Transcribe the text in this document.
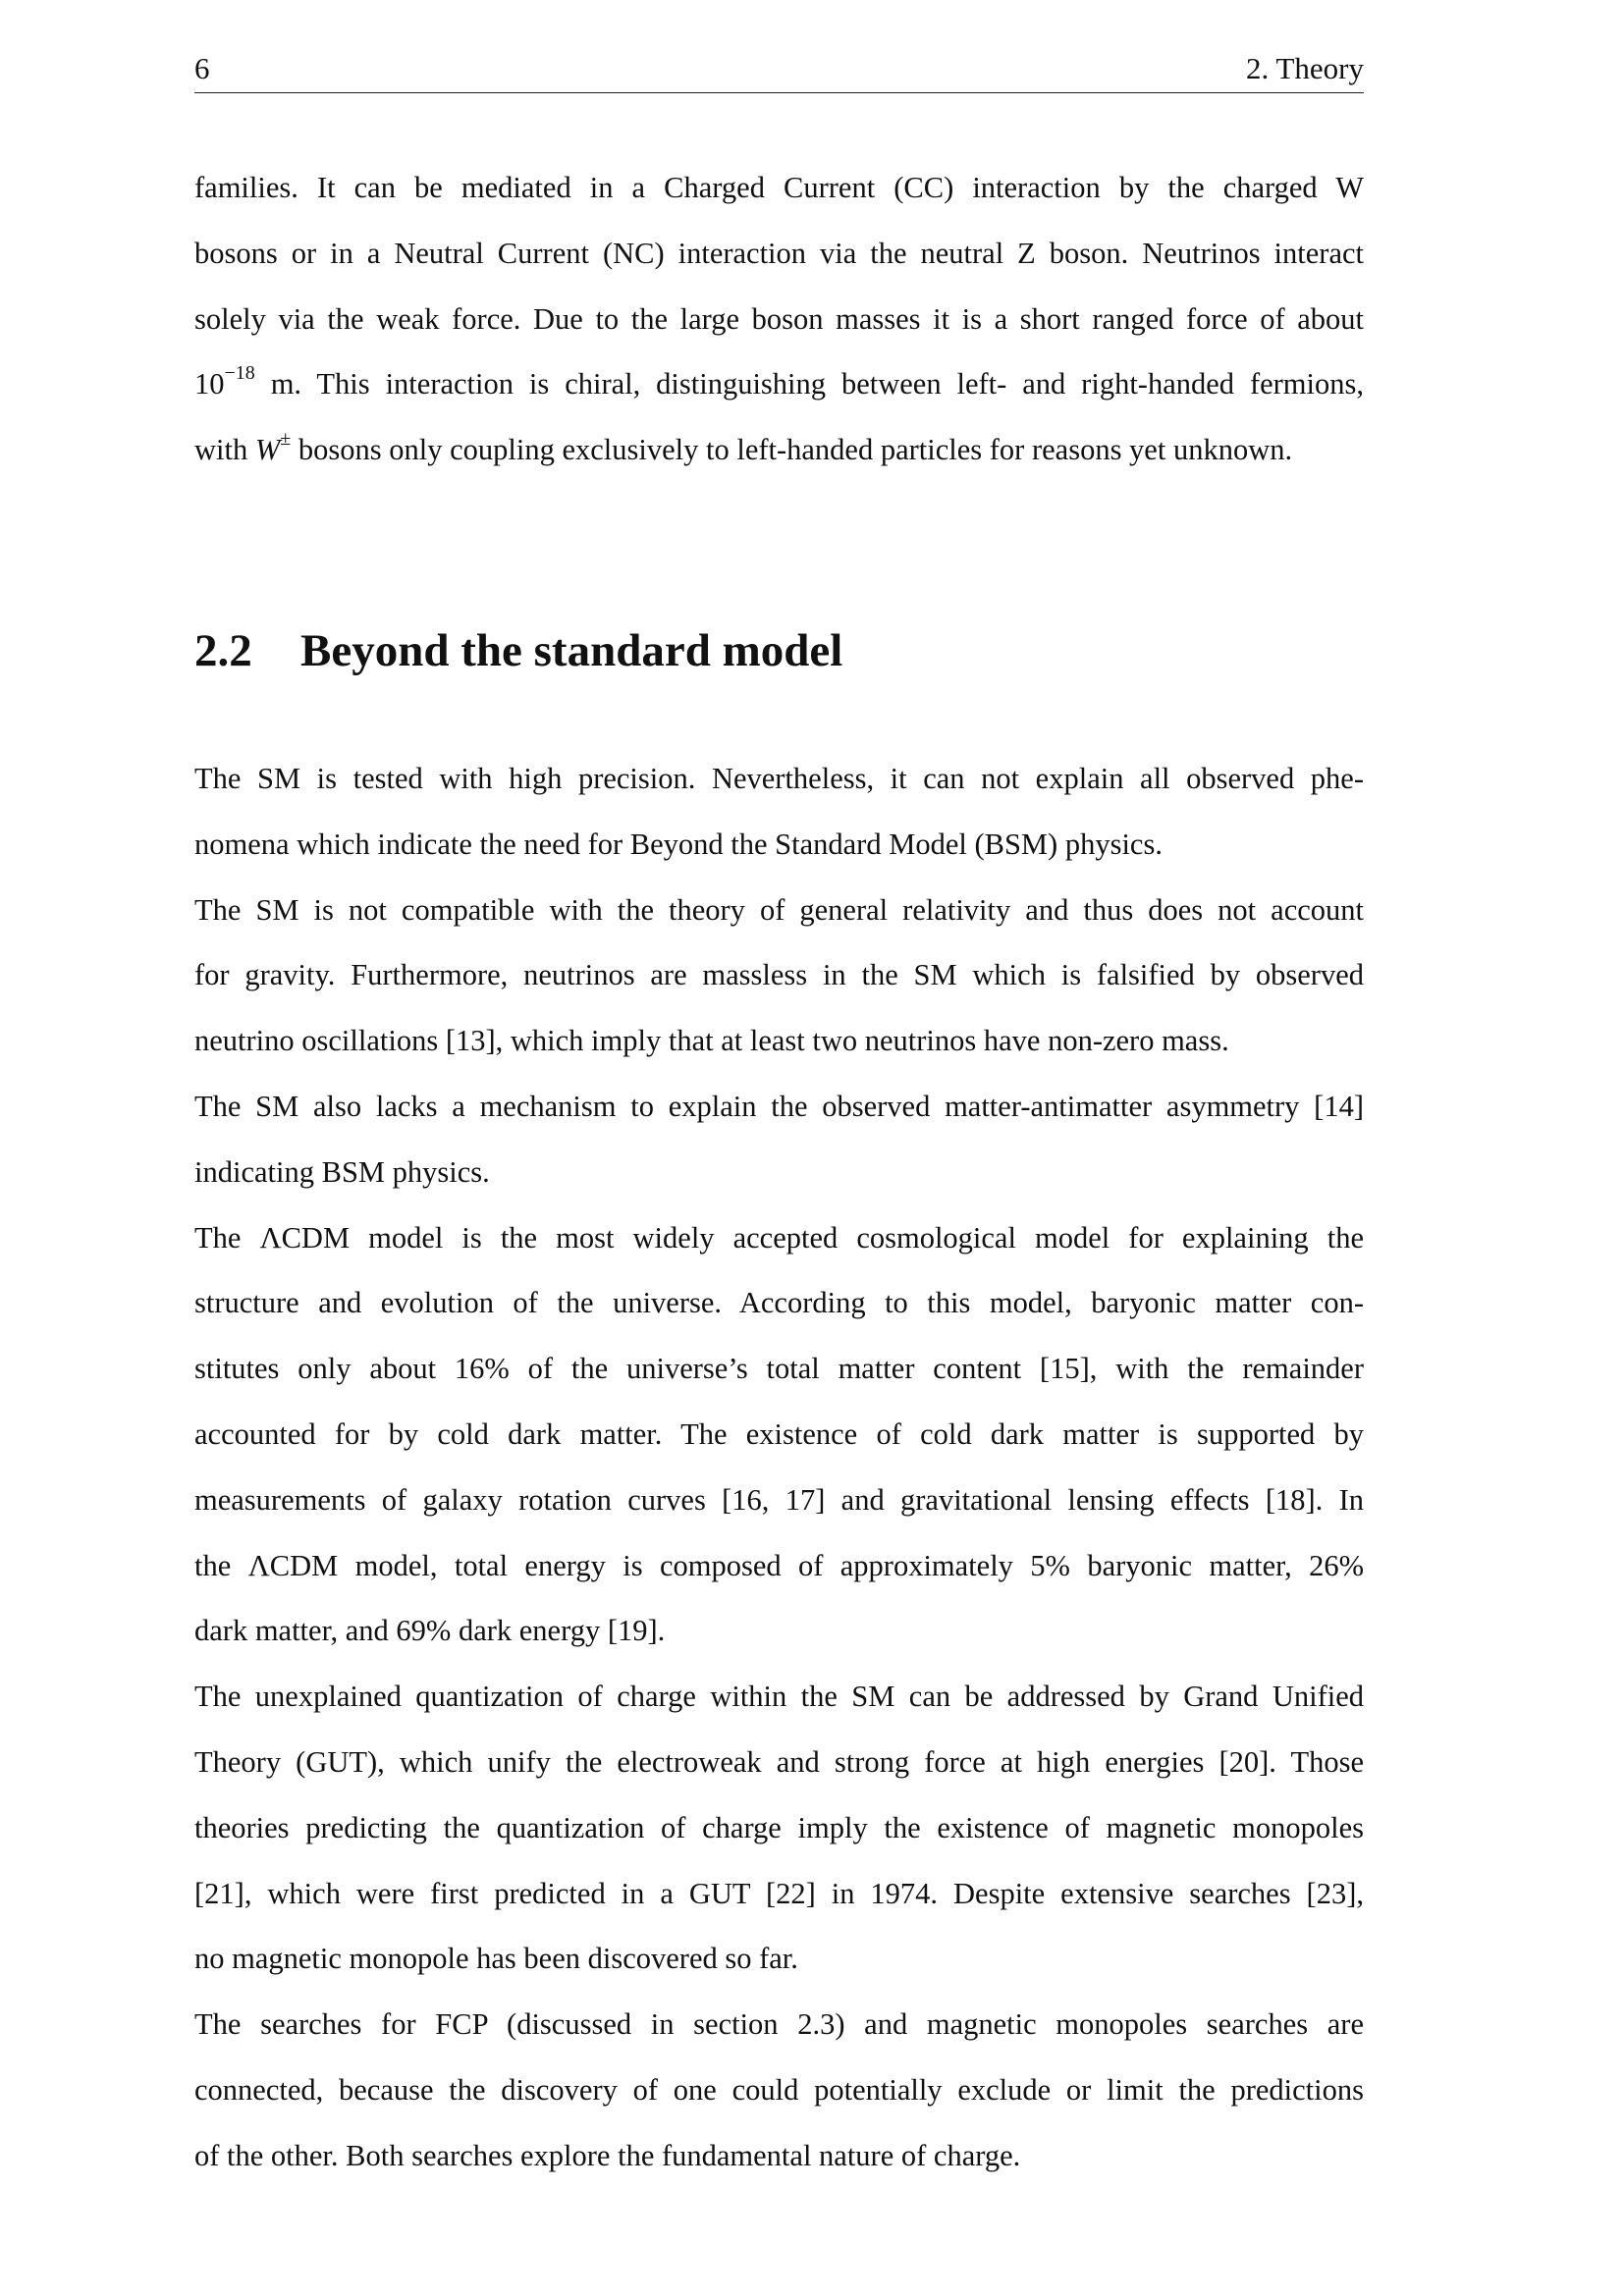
6	2. Theory
families. It can be mediated in a Charged Current (CC) interaction by the charged W
bosons or in a Neutral Current (NC) interaction via the neutral Z boson. Neutrinos interact
solely via the weak force. Due to the large boson masses it is a short ranged force of about
$10^{-18}$ m. This interaction is chiral, distinguishing between left- and right-handed fermions,
with W± bosons only coupling exclusively to left-handed particles for reasons yet unknown.
2.2 Beyond the standard model
The SM is tested with high precision. Nevertheless, it can not explain all observed phe-
nomena which indicate the need for Beyond the Standard Model (BSM) physics.
The SM is not compatible with the theory of general relativity and thus does not account
for gravity. Furthermore, neutrinos are massless in the SM which is falsified by observed
neutrino oscillations [13], which imply that at least two neutrinos have non-zero mass.
The SM also lacks a mechanism to explain the observed matter-antimatter asymmetry [14]
indicating BSM physics.
The ΛCDM model is the most widely accepted cosmological model for explaining the
structure and evolution of the universe. According to this model, baryonic matter con-
stitutes only about 16% of the universe’s total matter content [15], with the remainder
accounted for by cold dark matter. The existence of cold dark matter is supported by
measurements of galaxy rotation curves [16, 17] and gravitational lensing effects [18]. In
the ΛCDM model, total energy is composed of approximately 5% baryonic matter, 26%
dark matter, and 69% dark energy [19].
The unexplained quantization of charge within the SM can be addressed by Grand Unified
Theory (GUT), which unify the electroweak and strong force at high energies [20]. Those
theories predicting the quantization of charge imply the existence of magnetic monopoles
[21], which were first predicted in a GUT [22] in 1974. Despite extensive searches [23],
no magnetic monopole has been discovered so far.
The searches for FCP (discussed in section 2.3) and magnetic monopoles searches are
connected, because the discovery of one could potentially exclude or limit the predictions
of the other. Both searches explore the fundamental nature of charge.
